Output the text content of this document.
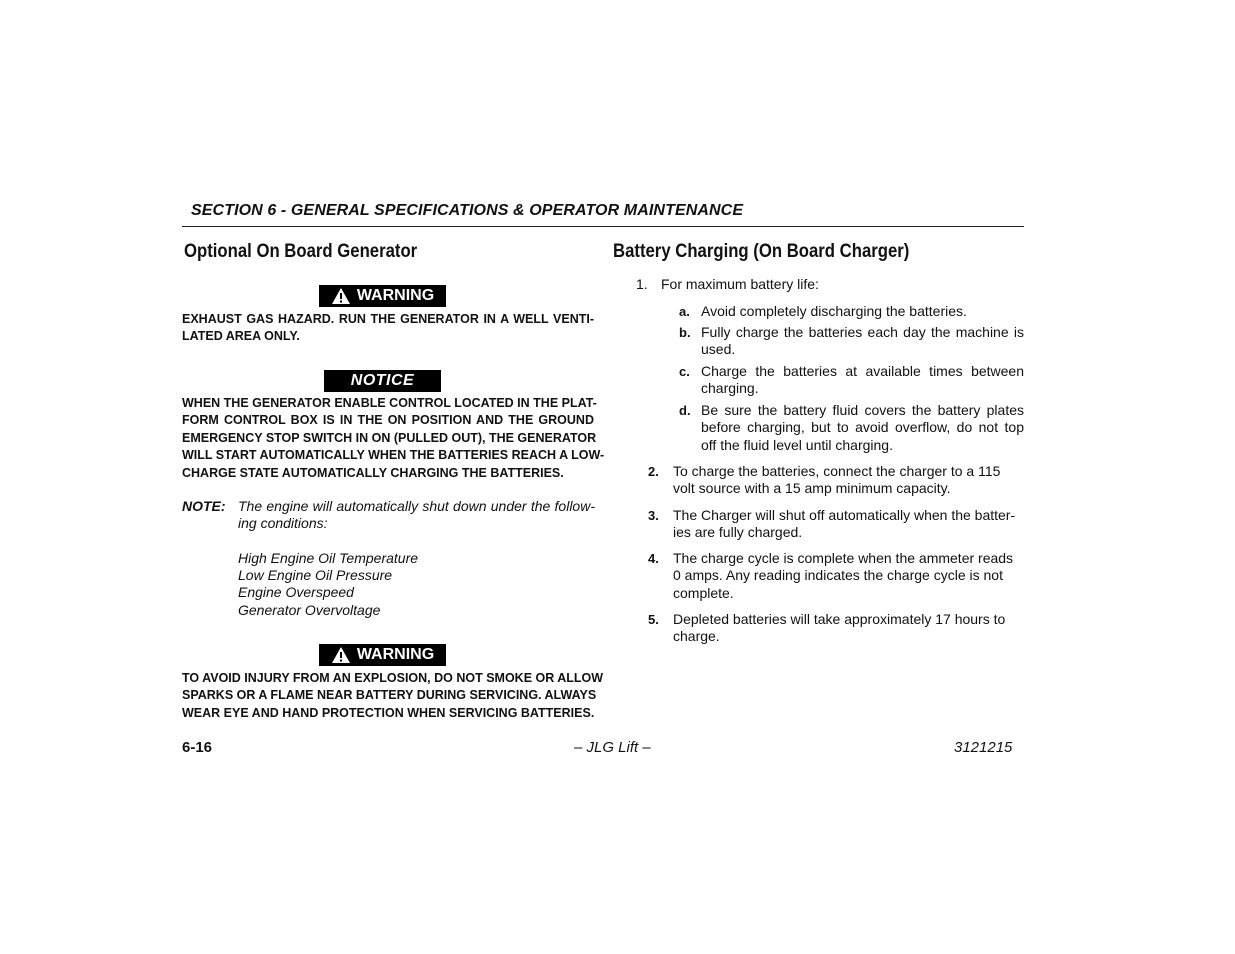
SECTION 6 - GENERAL SPECIFICATIONS & OPERATOR MAINTENANCE
Optional On Board Generator
WARNING
EXHAUST GAS HAZARD. RUN THE GENERATOR IN A WELL VENTI-
LATED AREA ONLY.
NOTICE
WHEN THE GENERATOR ENABLE CONTROL LOCATED IN THE PLAT-
FORM CONTROL BOX IS IN THE ON POSITION AND THE GROUND
EMERGENCY STOP SWITCH IN ON (PULLED OUT), THE GENERATOR
WILL START AUTOMATICALLY WHEN THE BATTERIES REACH A LOW-
CHARGE STATE AUTOMATICALLY CHARGING THE BATTERIES.
NOTE: The engine will automatically shut down under the follow-
ing conditions:
High Engine Oil Temperature
Low Engine Oil Pressure
Engine Overspeed
Generator Overvoltage
WARNING
TO AVOID INJURY FROM AN EXPLOSION, DO NOT SMOKE OR ALLOW
SPARKS OR A FLAME NEAR BATTERY DURING SERVICING. ALWAYS
WEAR EYE AND HAND PROTECTION WHEN SERVICING BATTERIES.
Battery Charging (On Board Charger)
1. For maximum battery life:
a. Avoid completely discharging the batteries.
b. Fully charge the batteries each day the machine is
used.
c. Charge the batteries at available times between
charging.
d. Be sure the battery fluid covers the battery plates
before charging, but to avoid overflow, do not top
off the fluid level until charging.
2. To charge the batteries, connect the charger to a 115
volt source with a 15 amp minimum capacity.
3. The Charger will shut off automatically when the batter-
ies are fully charged.
4. The charge cycle is complete when the ammeter reads
0 amps. Any reading indicates the charge cycle is not
complete.
5. Depleted batteries will take approximately 17 hours to
charge.
6-16	– JLG Lift –	3121215
